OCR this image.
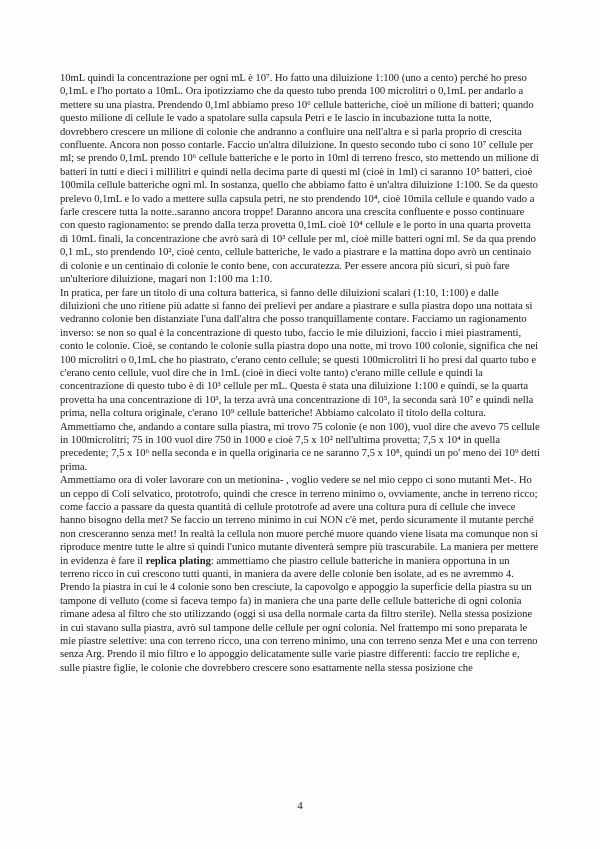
10mL quindi la concentrazione per ogni mL è 10⁷. Ho fatto una diluizione 1:100 (uno a cento) perché ho preso 0,1mL e l'ho portato a 10mL. Ora ipotizziamo che da questo tubo prenda 100 microlitri o 0,1mL per andarlo a mettere su una piastra. Prendendo 0,1ml abbiamo preso 10⁶ cellule batteriche, cioè un milione di batteri; quando questo milione di cellule le vado a spatolare sulla capsula Petri e le lascio in incubazione tutta la notte, dovrebbero crescere un milione di colonie che andranno a confluire una nell'altra e si parla proprio di crescita confluente. Ancora non posso contarle. Faccio un'altra diluizione. In questo secondo tubo ci sono 10⁷ cellule per ml; se prendo 0,1mL prendo 10⁶ cellule batteriche e le porto in 10ml di terreno fresco, sto mettendo un milione di batteri in tutti e dieci i millilitri e quindi nella decima parte di questi ml (cioè in 1ml) ci saranno 10⁵ batteri, cioè 100mila cellule batteriche ogni ml. In sostanza, quello che abbiamo fatto è un'altra diluizione 1:100. Se da questo prelevo 0,1mL e lo vado a mettere sulla capsula petri, ne sto prendendo 10⁴, cioè 10mila cellule e quando vado a farle crescere tutta la notte..saranno ancora troppe! Daranno ancora una crescita confluente e posso continuare con questo ragionamento: se prendo dalla terza provetta 0,1mL cioè 10⁴ cellule e le porto in una quarta provetta di 10mL finali, la concentrazione che avrò sarà di 10³ cellule per ml, cioè mille batteri ogni ml. Se da qua prendo 0,1 mL, sto prendendo 10², cioè cento, cellule batteriche, le vado a piastrare e la mattina dopo avrò un centinaio di colonie e un centinaio di colonie le conto bene, con accuratezza. Per essere ancora più sicuri, si può fare un'ulteriore diluizione, magari non 1:100 ma 1:10.

In pratica, per fare un titolo di una coltura batterica, si fanno delle diluizioni scalari (1:10, 1:100) e dalle diluizioni che uno ritiene più adatte si fanno dei prelievi per andare a piastrare e sulla piastra dopo una nottata si vedranno colonie ben distanziate l'una dall'altra che posso tranquillamente contare. Facciamo un ragionamento inverso: se non so qual è la concentrazione di questo tubo, faccio le mie diluizioni, faccio i miei piastramenti, conto le colonie. Cioè, se contando le colonie sulla piastra dopo una notte, mi trovo 100 colonie, significa che nei 100 microlitri o 0,1mL che ho piastrato, c'erano cento cellule; se questi 100microlitri li ho presi dal quarto tubo e c'erano cento cellule, vuol dire che in 1mL (cioè in dieci volte tanto) c'erano mille cellule e quindi la concentrazione di questo tubo è di 10³ cellule per mL. Questa è stata una diluizione 1:100 e quindi, se la quarta provetta ha una concentrazione di 10³, la terza avrà una concentrazione di 10⁵, la seconda sarà 10⁷ e quindi nella prima, nella coltura originale, c'erano 10⁹ cellule batteriche! Abbiamo calcolato il titolo della coltura.

Ammettiamo che, andando a contare sulla piastra, mi trovo 75 colonie (e non 100), vuol dire che avevo 75 cellule in 100microlitri; 75 in 100 vuol dire 750 in 1000 e cioè 7,5 x 10² nell'ultima provetta; 7,5 x 10⁴ in quella precedente; 7,5 x 10⁶ nella seconda e in quella originaria ce ne saranno 7,5 x 10⁸, quindi un po' meno dei 10⁹ detti prima.

Ammettiamo ora di voler lavorare con un metionina- , voglio vedere se nel mio ceppo ci sono mutanti Met-. Ho un ceppo di Coli selvatico, prototrofo, quindi che cresce in terreno minimo o, ovviamente, anche in terreno ricco; come faccio a passare da questa quantità di cellule prototrofe ad avere una coltura pura di cellule che invece hanno bisogno della met? Se faccio un terreno minimo in cui NON c'è met, perdo sicuramente il mutante perché non cresceranno senza met! In realtà la cellula non muore perché muore quando viene lisata ma comunque non si riproduce mentre tutte le altre sì quindi l'unico mutante diventerà sempre più trascurabile. La maniera per mettere in evidenza è fare il replica plating: ammettiamo che piastro cellule batteriche in maniera opportuna in un terreno ricco in cui crescono tutti quanti, in maniera da avere delle colonie ben isolate, ad es ne avremmo 4. Prendo la piastra in cui le 4 colonie sono ben cresciute, la capovolgo e appoggio la superficie della piastra su un tampone di velluto (come si faceva tempo fa) in maniera che una parte delle cellule batteriche di ogni colonia rimane adesa al filtro che sto utilizzando (oggi si usa della normale carta da filtro sterile). Nella stessa posizione in cui stavano sulla piastra, avrò sul tampone delle cellule per ogni colonia. Nel frattempo mi sono preparata le mie piastre selettive: una con terreno ricco, una con terreno minimo, una con terreno senza Met e una con terreno senza Arg. Prendo il mio filtro e lo appoggio delicatamente sulle varie piastre differenti: faccio tre repliche e, sulle piastre figlie, le colonie che dovrebbero crescere sono esattamente nella stessa posizione che

4
